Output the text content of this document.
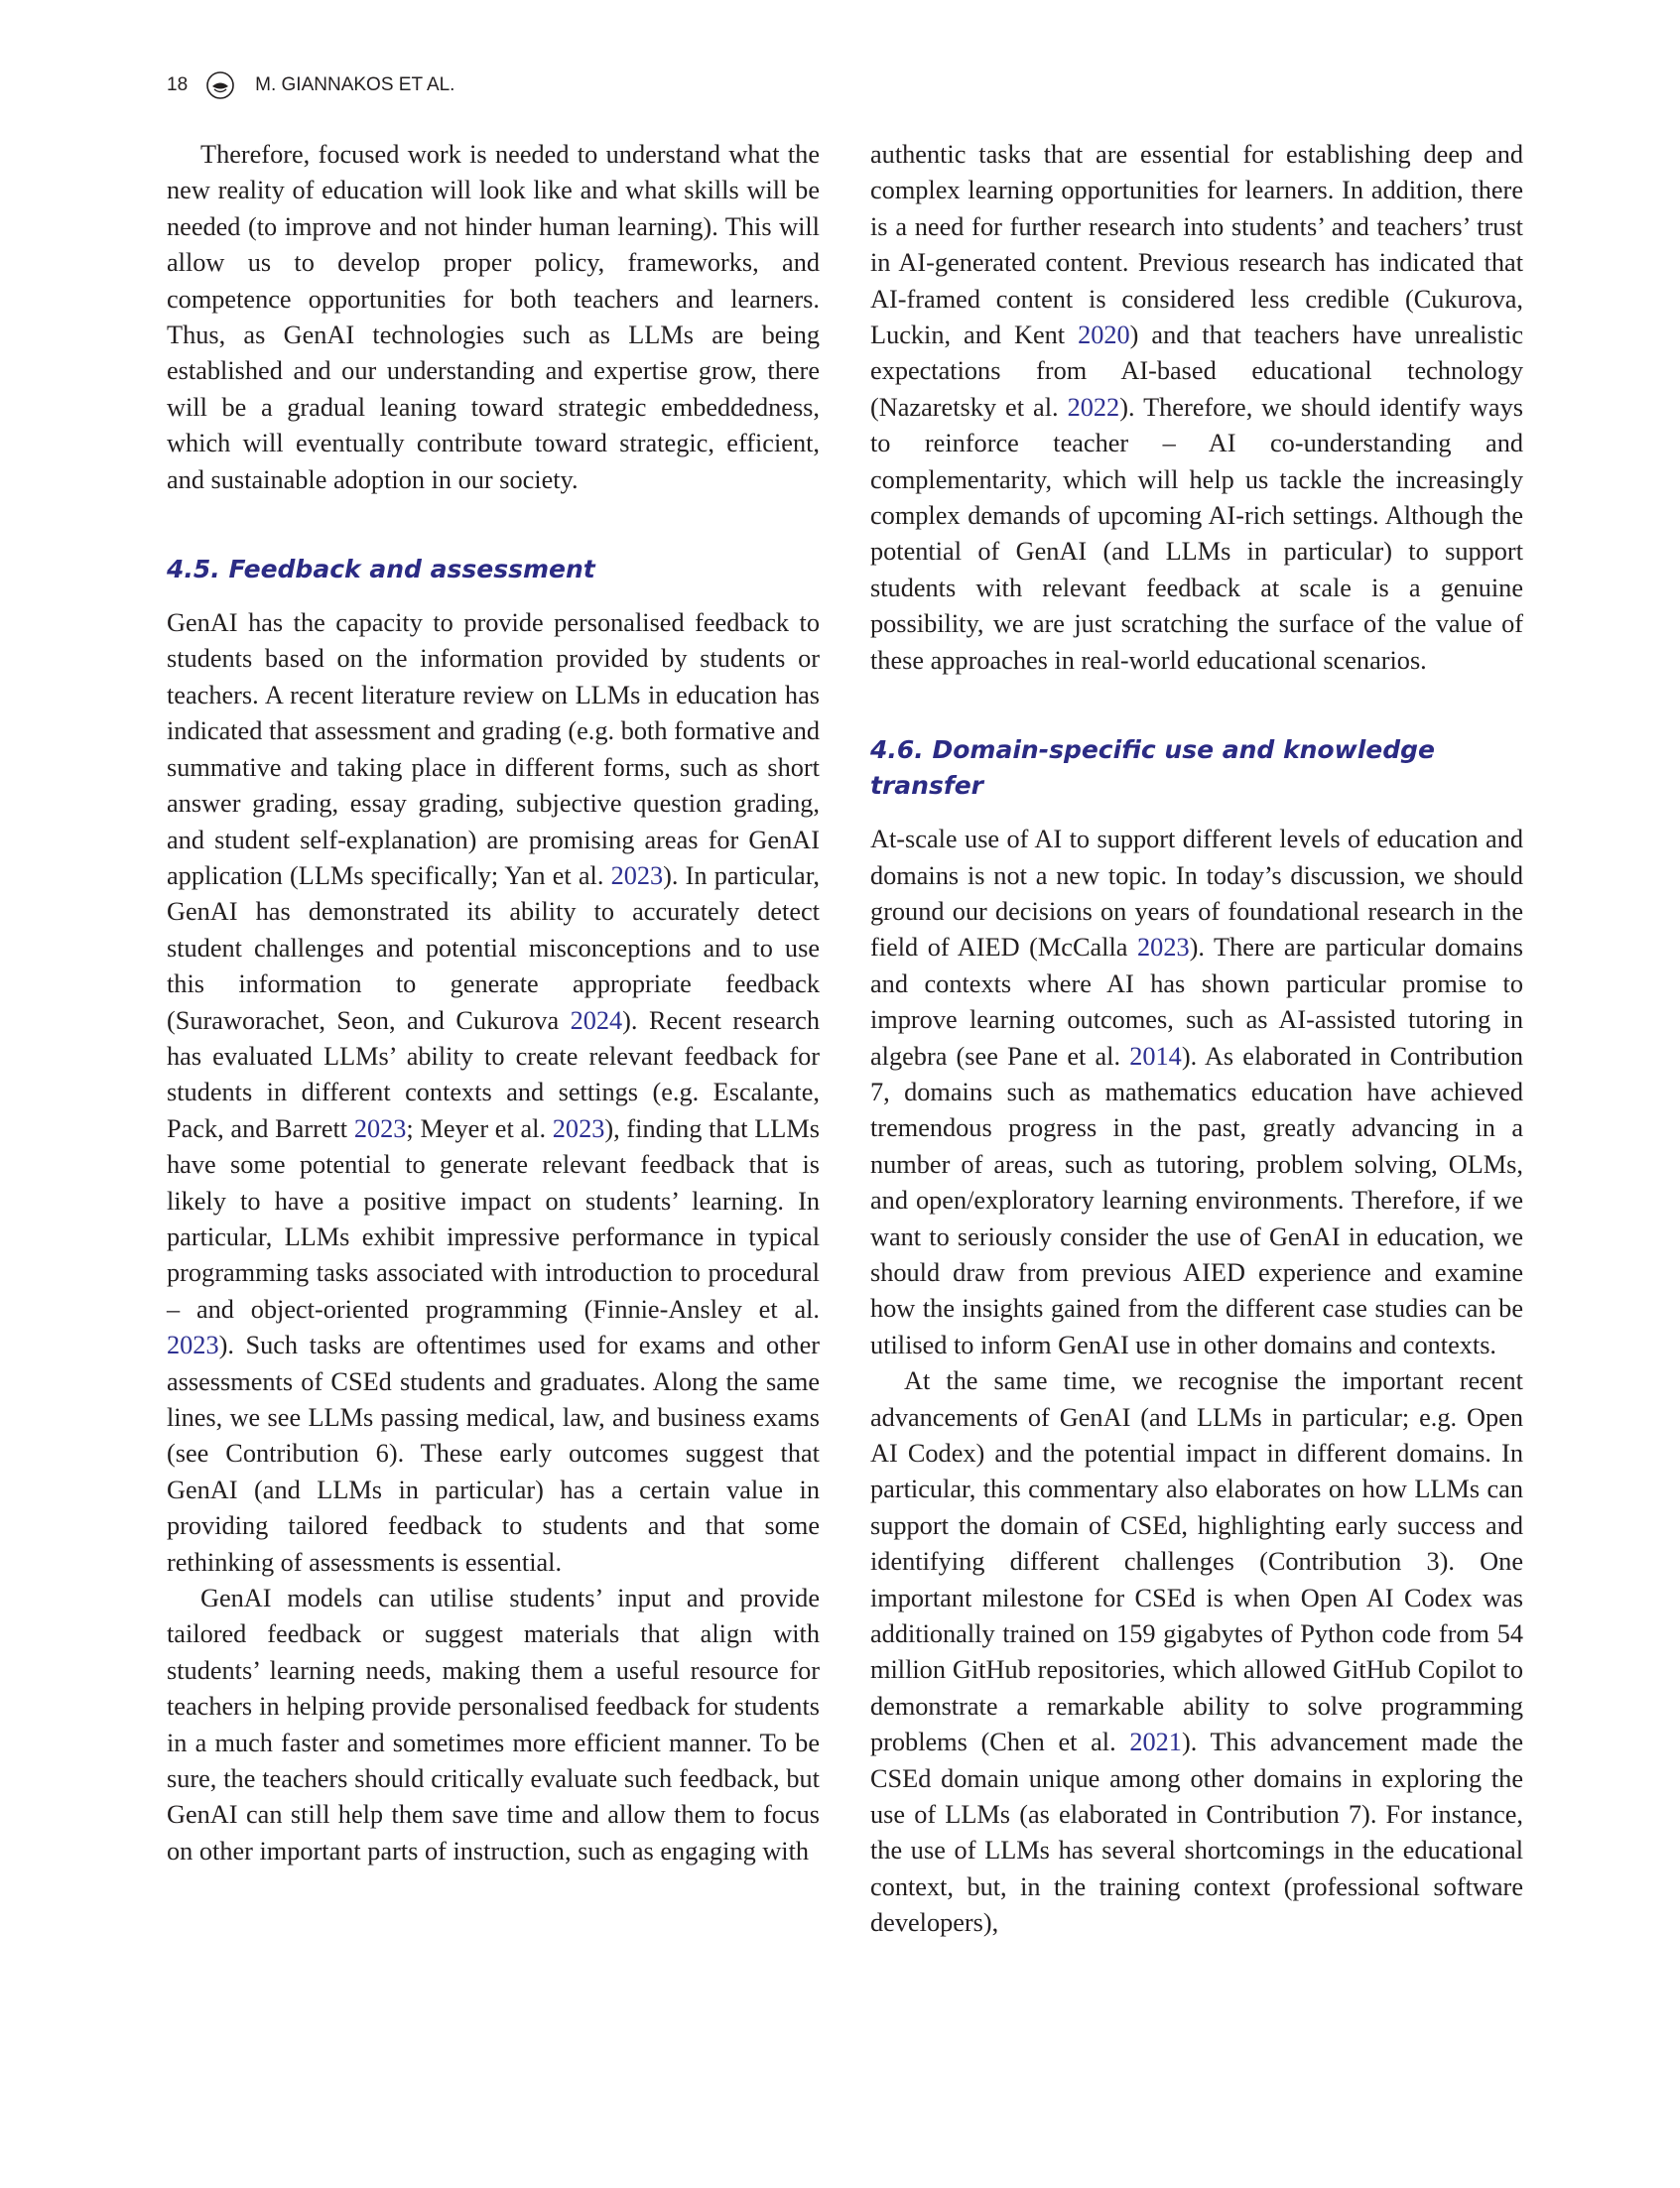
18	M. GIANNAKOS ET AL.

Therefore, focused work is needed to understand what the new reality of education will look like and what skills will be needed (to improve and not hinder human learning). This will allow us to develop proper policy, frameworks, and competence opportunities for both teachers and learners. Thus, as GenAI technologies such as LLMs are being established and our understanding and expertise grow, there will be a gradual leaning toward strategic embeddedness, which will eventually contribute toward strategic, efficient, and sustainable adoption in our society.

4.5. Feedback and assessment

GenAI has the capacity to provide personalised feedback to students based on the information provided by students or teachers. A recent literature review on LLMs in education has indicated that assessment and grading (e.g. both formative and summative and taking place in different forms, such as short answer grading, essay grading, subjective question grading, and student self-explanation) are promising areas for GenAI application (LLMs specifically; Yan et al. 2023). In particular, GenAI has demonstrated its ability to accurately detect student challenges and potential misconceptions and to use this information to generate appropriate feedback (Suraworachet, Seon, and Cukurova 2024). Recent research has evaluated LLMs’ ability to create relevant feedback for students in different contexts and settings (e.g. Escalante, Pack, and Barrett 2023; Meyer et al. 2023), finding that LLMs have some potential to generate relevant feedback that is likely to have a positive impact on students’ learning. In particular, LLMs exhibit impressive performance in typical programming tasks associated with introduction to procedural – and object-oriented programming (Finnie-Ansley et al. 2023). Such tasks are oftentimes used for exams and other assessments of CSEd students and graduates. Along the same lines, we see LLMs passing medical, law, and business exams (see Contribution 6). These early outcomes suggest that GenAI (and LLMs in particular) has a certain value in providing tailored feedback to students and that some rethinking of assessments is essential.

GenAI models can utilise students’ input and provide tailored feedback or suggest materials that align with students’ learning needs, making them a useful resource for teachers in helping provide personalised feedback for students in a much faster and sometimes more efficient manner. To be sure, the teachers should critically evaluate such feedback, but GenAI can still help them save time and allow them to focus on other important parts of instruction, such as engaging with

authentic tasks that are essential for establishing deep and complex learning opportunities for learners. In addition, there is a need for further research into students’ and teachers’ trust in AI-generated content. Previous research has indicated that AI-framed content is considered less credible (Cukurova, Luckin, and Kent 2020) and that teachers have unrealistic expectations from AI-based educational technology (Nazaretsky et al. 2022). Therefore, we should identify ways to reinforce teacher – AI co-understanding and complementarity, which will help us tackle the increasingly complex demands of upcoming AI-rich settings. Although the potential of GenAI (and LLMs in particular) to support students with relevant feedback at scale is a genuine possibility, we are just scratching the surface of the value of these approaches in real-world educational scenarios.

4.6. Domain-specific use and knowledge transfer

At-scale use of AI to support different levels of education and domains is not a new topic. In today’s discussion, we should ground our decisions on years of foundational research in the field of AIED (McCalla 2023). There are particular domains and contexts where AI has shown particular promise to improve learning outcomes, such as AI-assisted tutoring in algebra (see Pane et al. 2014). As elaborated in Contribution 7, domains such as mathematics education have achieved tremendous progress in the past, greatly advancing in a number of areas, such as tutoring, problem solving, OLMs, and open/exploratory learning environments. Therefore, if we want to seriously consider the use of GenAI in education, we should draw from previous AIED experience and examine how the insights gained from the different case studies can be utilised to inform GenAI use in other domains and contexts.

At the same time, we recognise the important recent advancements of GenAI (and LLMs in particular; e.g. Open AI Codex) and the potential impact in different domains. In particular, this commentary also elaborates on how LLMs can support the domain of CSEd, highlighting early success and identifying different challenges (Contribution 3). One important milestone for CSEd is when Open AI Codex was additionally trained on 159 gigabytes of Python code from 54 million GitHub repositories, which allowed GitHub Copilot to demonstrate a remarkable ability to solve programming problems (Chen et al. 2021). This advancement made the CSEd domain unique among other domains in exploring the use of LLMs (as elaborated in Contribution 7). For instance, the use of LLMs has several shortcomings in the educational context, but, in the training context (professional software developers),
